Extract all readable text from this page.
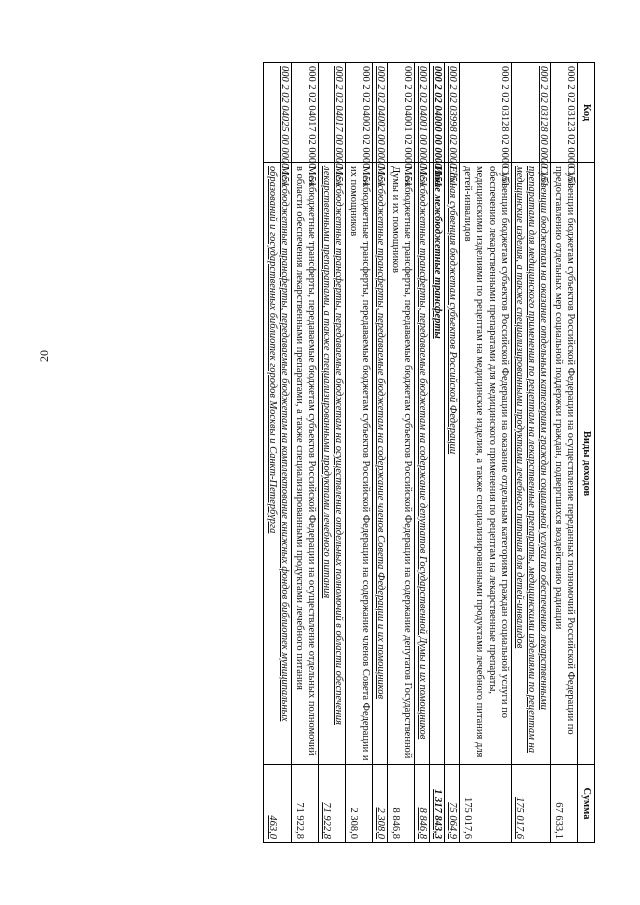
20
Код	Виды доходов	Сумма
000 2 02 03123 02 0000 151	Субвенции бюджетам субъектов Российской Федерации на осуществление переданных полномочий Российской Федерации по предоставлению отдельных мер социальной поддержки граждан, подвергшихся воздействию радиации	67 633,1
000 2 02 03128 00 0000 151	Субвенции бюджетам на оказание отдельным категориям граждан социальной услуги по обеспечению лекарственными препаратами для медицинского применения по рецептам на лекарственные препараты, медицинскими изделиями по рецептам на медицинские изделия, а также специализированными продуктами лечебного питания для детей-инвалидов	175 017,6
000 2 02 03128 02 0000 151	Субвенции бюджетам субъектов Российской Федерации на оказание отдельным категориям граждан социальной услуги по обеспечению лекарственными препаратами для медицинского применения по рецептам на лекарственные препараты, медицинскими изделиями по рецептам на медицинские изделия, а также специализированными продуктами лечебного питания для детей-инвалидов	175 017,6
000 2 02 03998 02 0000 151	Единая субвенция бюджетам субъектов Российской Федерации	75 064,9
000 2 02 04000 00 0000 151	Иные межбюджетные трансферты	1 317 843,3
000 2 02 04001 00 0000 151	Межбюджетные трансферты, передаваемые бюджетам на содержание депутатов Государственной Думы и их помощников	8 846,8
000 2 02 04001 02 0000 151	Межбюджетные трансферты, передаваемые бюджетам субъектов Российской Федерации на содержание депутатов Государственной Думы и их помощников	8 846,8
000 2 02 04002 00 0000 151	Межбюджетные трансферты, передаваемые бюджетам на содержание членов Совета Федерации и их помощников	2 308,0
000 2 02 04002 02 0000 151	Межбюджетные трансферты, передаваемые бюджетам субъектов Российской Федерации на содержание членов Совета Федерации и их помощников	2 308,0
000 2 02 04017 00 0000 151	Межбюджетные трансферты, передаваемые бюджетам на осуществление отдельных полномочий в области обеспечения лекарственными препаратами, а также специализированными продуктами лечебного питания	71 922,8
000 2 02 04017 02 0000 151	Межбюджетные трансферты, передаваемые бюджетам субъектов Российской Федерации на осуществление отдельных полномочий в области обеспечения лекарственными препаратами, а также специализированными продуктами лечебного питания	71 922,8
000 2 02 04025 00 0000 151	Межбюджетные трансферты, передаваемые бюджетам на комплектование книжных фондов библиотек муниципальных образований и государственных библиотек городов Москвы и Санкт-Петербурга	463,0
